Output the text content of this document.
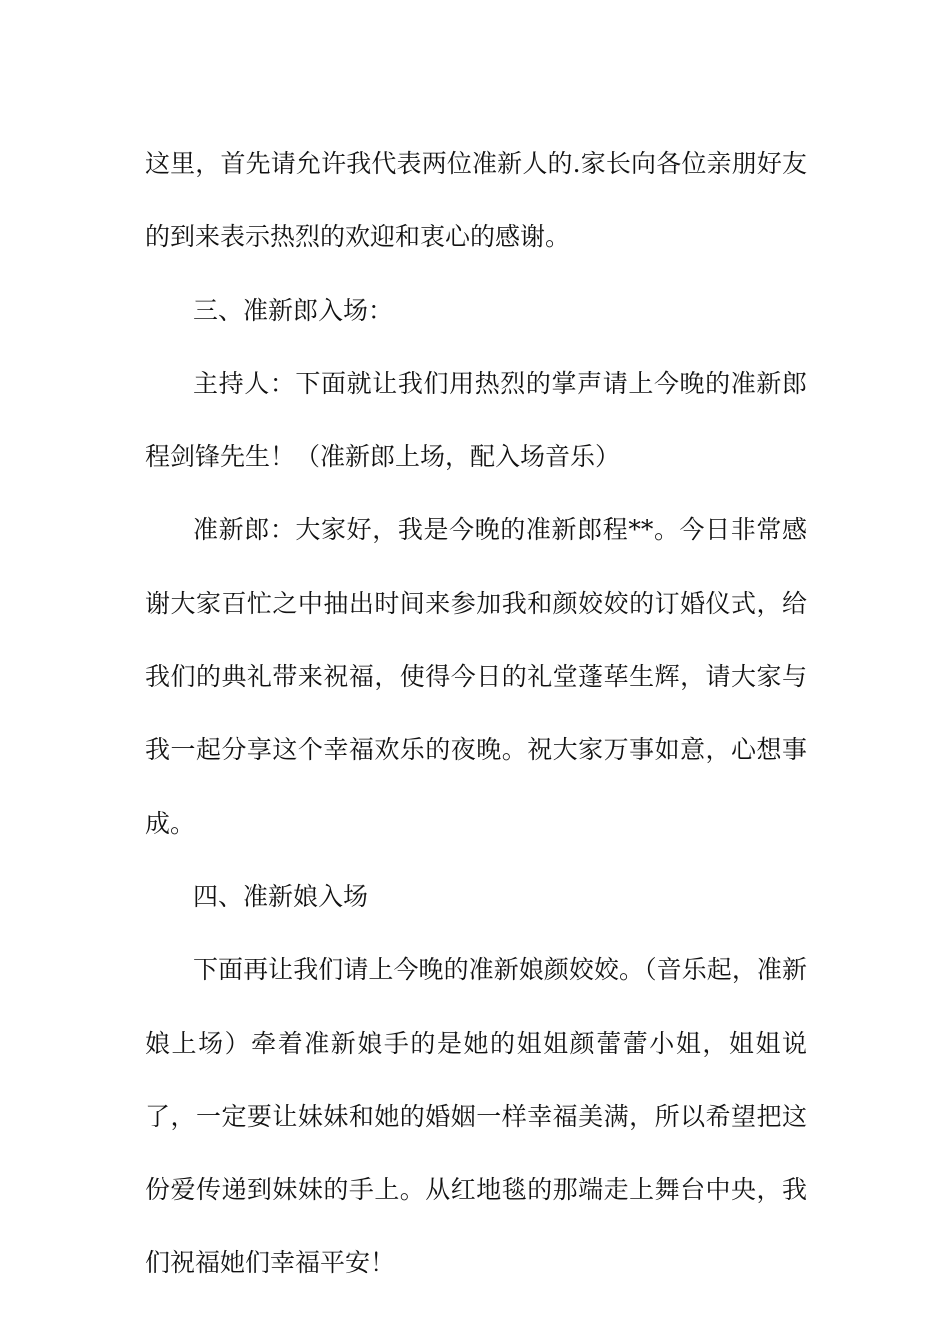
这里，首先请允许我代表两位准新人的.家长向各位亲朋好友的到来表示热烈的欢迎和衷心的感谢。

三、准新郎入场：

主持人：下面就让我们用热烈的掌声请上今晚的准新郎程剑锋先生！（准新郎上场，配入场音乐）

准新郎：大家好，我是今晚的准新郎程**。今日非常感谢大家百忙之中抽出时间来参加我和颜姣姣的订婚仪式，给我们的典礼带来祝福，使得今日的礼堂蓬荜生辉，请大家与我一起分享这个幸福欢乐的夜晚。祝大家万事如意，心想事成。

四、准新娘入场

下面再让我们请上今晚的准新娘颜姣姣。（音乐起，准新娘上场）牵着准新娘手的是她的姐姐颜蕾蕾小姐，姐姐说了，一定要让妹妹和她的婚姻一样幸福美满，所以希望把这份爱传递到妹妹的手上。从红地毯的那端走上舞台中央，我们祝福她们幸福平安！
